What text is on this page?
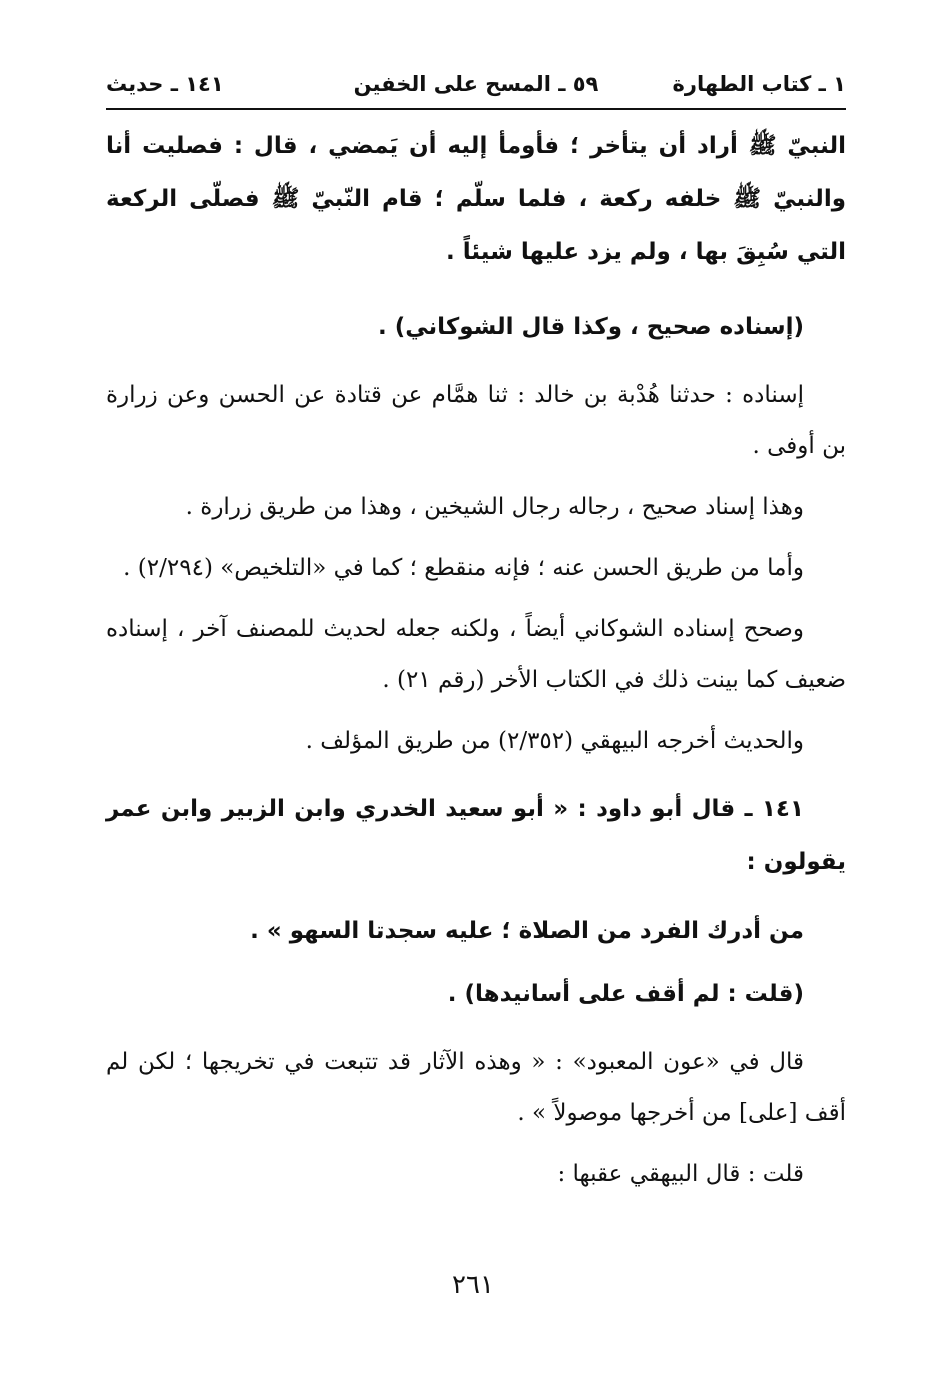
١ ـ كتاب الطهارة
٥٩ ـ المسح على الخفين
١٤١ ـ حديث

النبيّ ﷺ أراد أن يتأخر ؛ فأومأ إليه أن يَمضي ، قال : فصليت أنا والنبيّ ﷺ خلفه ركعة ، فلما سلّم ؛ قام النّبيّ ﷺ فصلّى الركعة التي سُبِقَ بها ، ولم يزد عليها شيئاً .

(إسناده صحيح ، وكذا قال الشوكاني) .

إسناده : حدثنا هُدْبة بن خالد : ثنا همَّام عن قتادة عن الحسن وعن زرارة بن أوفى .

وهذا إسناد صحيح ، رجاله رجال الشيخين ، وهذا من طريق زرارة .

وأما من طريق الحسن عنه ؛ فإنه منقطع ؛ كما في «التلخيص» (٢/٢٩٤) .

وصحح إسناده الشوكاني أيضاً ، ولكنه جعله لحديث للمصنف آخر ، إسناده ضعيف كما بينت ذلك في الكتاب الأخر (رقم ٢١) .

والحديث أخرجه البيهقي (٢/٣٥٢) من طريق المؤلف .

١٤١ ـ قال أبو داود : « أبو سعيد الخدري وابن الزبير وابن عمر يقولون :

من أدرك الفرد من الصلاة ؛ عليه سجدتا السهو » .

(قلت : لم أقف على أسانيدها) .

قال في «عون المعبود» : « وهذه الآثار قد تتبعت في تخريجها ؛ لكن لم أقف [على] من أخرجها موصولاً » .

قلت : قال البيهقي عقبها :

٢٦١
